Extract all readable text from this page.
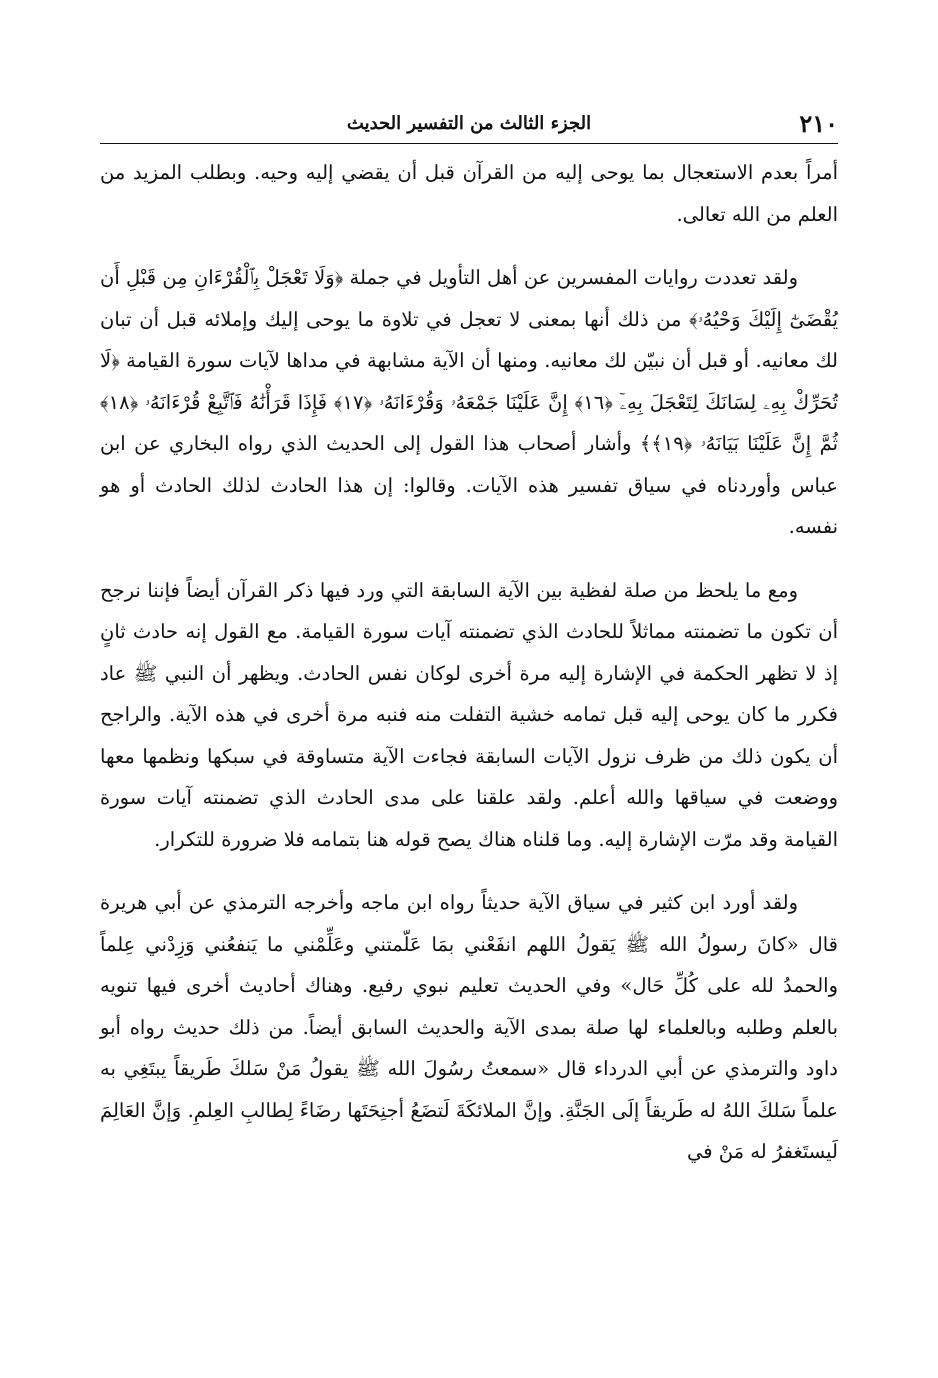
٢١٠
الجزء الثالث من التفسير الحديث

أمراً بعدم الاستعجال بما يوحى إليه من القرآن قبل أن يقضي إليه وحيه. وبطلب المزيد من العلم من الله تعالى.

ولقد تعددت روايات المفسرين عن أهل التأويل في جملة ﴿وَلَا تَعْجَلْ بِٱلْقُرْءَانِ مِن قَبْلِ أَن يُقْضَىٰٓ إِلَيْكَ وَحْيُهُۥ﴾ من ذلك أنها بمعنى لا تعجل في تلاوة ما يوحى إليك وإملائه قبل أن تبان لك معانيه. أو قبل أن نبيّن لك معانيه. ومنها أن الآية مشابهة في مداها لآيات سورة القيامة ﴿لَا تُحَرِّكْ بِهِۦ لِسَانَكَ لِتَعْجَلَ بِهِۦٓ ﴿١٦﴾ إِنَّ عَلَيْنَا جَمْعَهُۥ وَقُرْءَانَهُۥ ﴿١٧﴾ فَإِذَا قَرَأْنَٰهُ فَٱتَّبِعْ قُرْءَانَهُۥ ﴿١٨﴾ ثُمَّ إِنَّ عَلَيْنَا بَيَانَهُۥ ﴿١٩﴾﴾ وأشار أصحاب هذا القول إلى الحديث الذي رواه البخاري عن ابن عباس وأوردناه في سياق تفسير هذه الآيات. وقالوا: إن هذا الحادث لذلك الحادث أو هو نفسه.

ومع ما يلحظ من صلة لفظية بين الآية السابقة التي ورد فيها ذكر القرآن أيضاً فإننا نرجح أن تكون ما تضمنته مماثلاً للحادث الذي تضمنته آيات سورة القيامة. مع القول إنه حادث ثانٍ إذ لا تظهر الحكمة في الإشارة إليه مرة أخرى لوكان نفس الحادث. ويظهر أن النبي ﷺ عاد فكرر ما كان يوحى إليه قبل تمامه خشية التفلت منه فنبه مرة أخرى في هذه الآية. والراجح أن يكون ذلك من ظرف نزول الآيات السابقة فجاءت الآية متساوقة في سبكها ونظمها معها ووضعت في سياقها والله أعلم. ولقد علقنا على مدى الحادث الذي تضمنته آيات سورة القيامة وقد مرّت الإشارة إليه. وما قلناه هناك يصح قوله هنا بتمامه فلا ضرورة للتكرار.

ولقد أورد ابن كثير في سياق الآية حديثاً رواه ابن ماجه وأخرجه الترمذي عن أبي هريرة قال «كانَ رسولُ الله ﷺ يَقولُ اللهم انفَعْني بمَا عَلّمتني وعَلِّمْني ما يَنفعُني وَزِدْني عِلماً والحمدُ لله على كُلِّ حَال» وفي الحديث تعليم نبوي رفيع. وهناك أحاديث أخرى فيها تنويه بالعلم وطلبه وبالعلماء لها صلة بمدى الآية والحديث السابق أيضاً. من ذلك حديث رواه أبو داود والترمذي عن أبي الدرداء قال «سمعتُ رسُولَ الله ﷺ يقولُ مَنْ سَلكَ طَريقاً يبتَغِي به علماً سَلكَ اللهُ له طَريقاً إلَى الجَنَّةِ. وإنَّ الملائكَةَ لَتضَعُ أجنِحَتَها رضَاءً لِطالبِ العِلمِ. وَإنَّ العَالِمَ لَيستَغفرُ له مَنْ في
